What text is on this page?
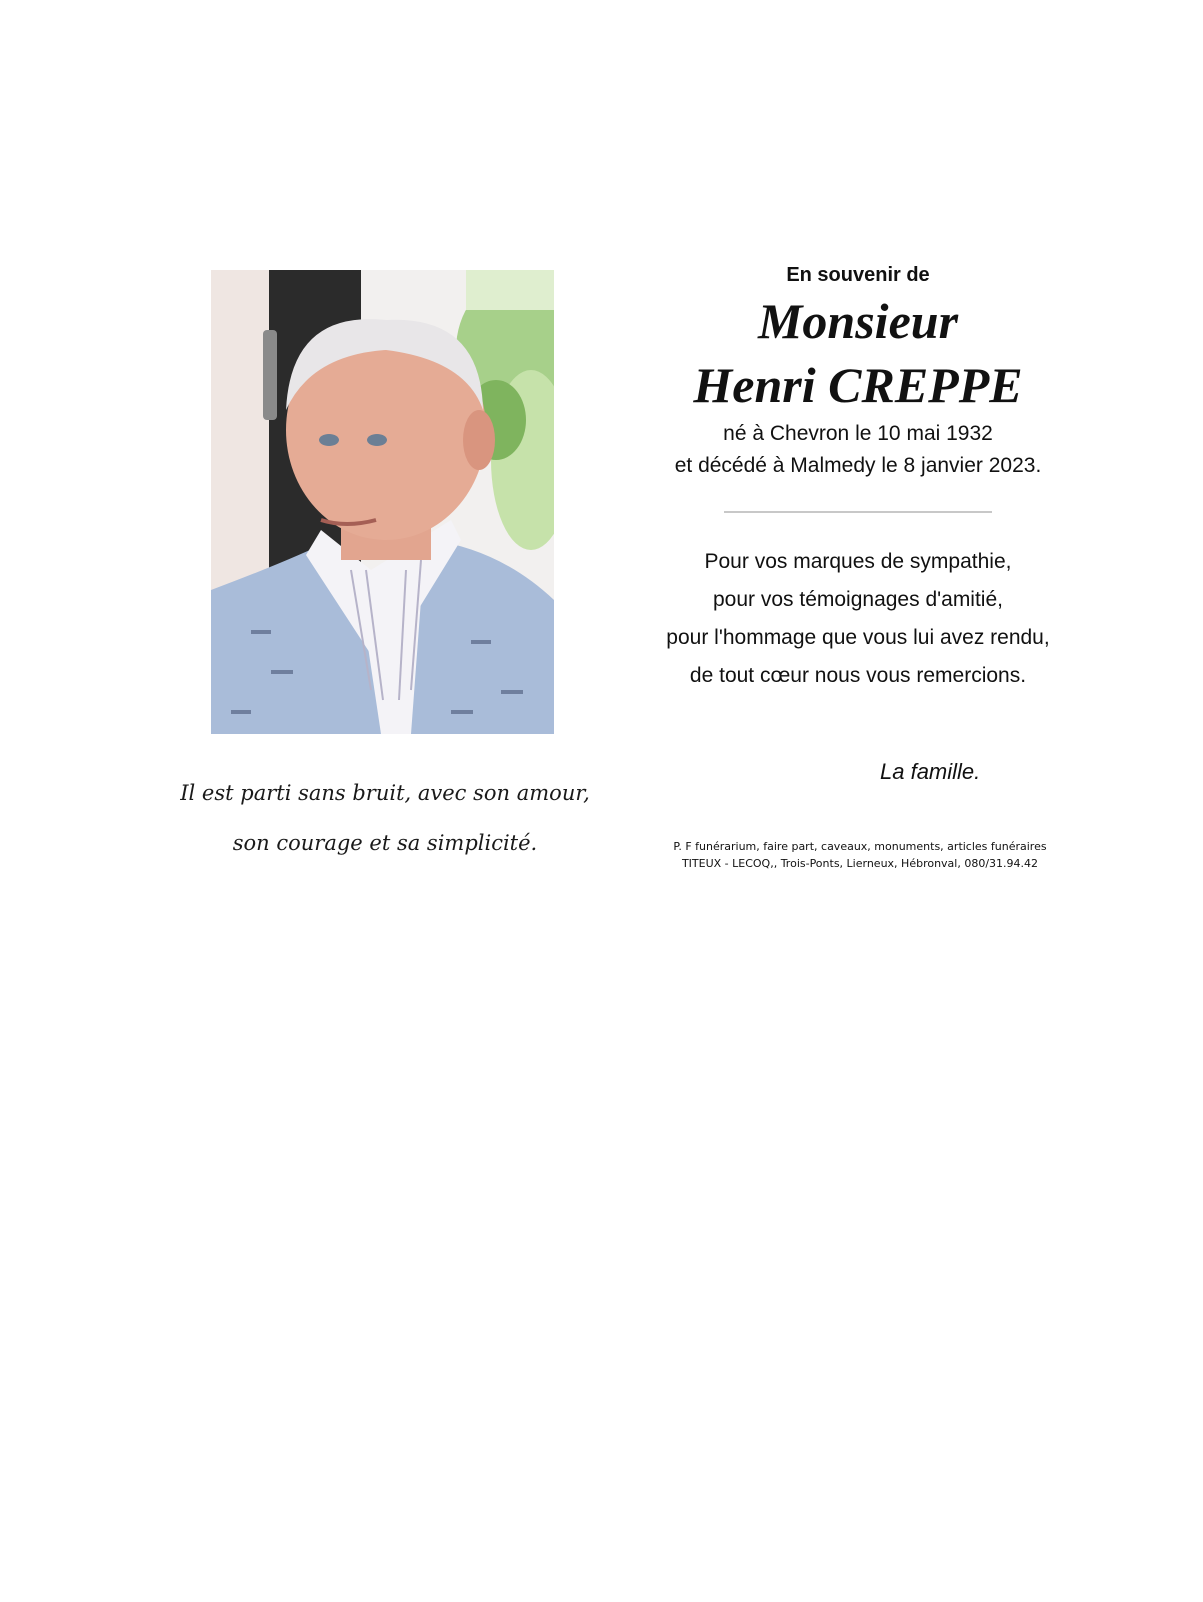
Il est parti sans bruit, avec son amour,
son courage et sa simplicité.
En souvenir de
Monsieur
Henri CREPPE
né à Chevron le 10 mai 1932
et décédé à Malmedy le 8 janvier 2023.
Pour vos marques de sympathie,
pour vos témoignages d'amitié,
pour l'hommage que vous lui avez rendu,
de tout cœur nous vous remercions.
La famille.
P. F funérarium, faire part, caveaux, monuments, articles funéraires
TITEUX - LECOQ,, Trois-Ponts, Lierneux, Hébronval, 080/31.94.42
